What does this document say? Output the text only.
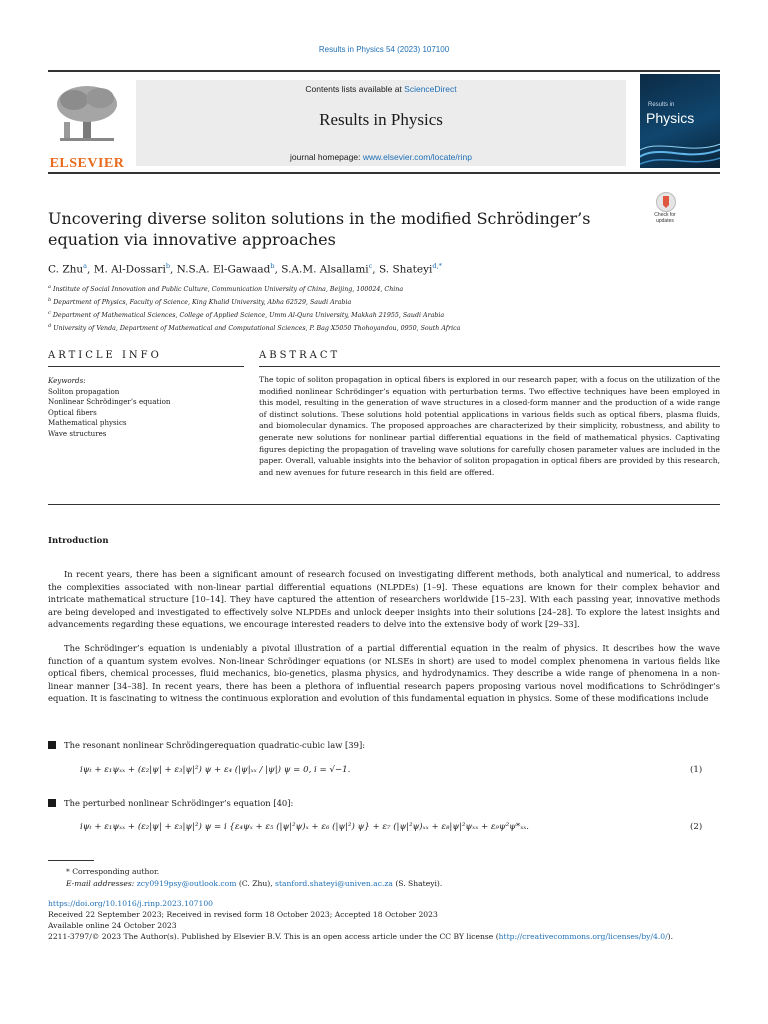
Results in Physics 54 (2023) 107100
ELSEVIER
Contents lists available at ScienceDirect
Results in Physics
journal homepage: www.elsevier.com/locate/rinp
Results in
Physics
Uncovering diverse soliton solutions in the modified Schrödinger’s equation via innovative approaches
Check for updates
C. Zhu$^a$, M. Al-Dossari$^b$, N.S.A. El-Gawaad$^b$, S.A.M. Alsallami$^c$, S. Shateyi$^{d,*}$
$^a$ Institute of Social Innovation and Public Culture, Communication University of China, Beijing, 100024, China
$^b$ Department of Physics, Faculty of Science, King Khalid University, Abha 62529, Saudi Arabia
$^c$ Department of Mathematical Sciences, College of Applied Science, Umm Al-Qura University, Makkah 21955, Saudi Arabia
$^d$ University of Venda, Department of Mathematical and Computational Sciences, P. Bag X5050 Thohoyandou, 0950, South Africa
ARTICLE INFO	ABSTRACT
Keywords:
Soliton propagation
Nonlinear Schrödinger’s equation
Optical fibers
Mathematical physics
Wave structures
The topic of soliton propagation in optical fibers is explored in our research paper, with a focus on the utilization of the modified nonlinear Schrödinger’s equation with perturbation terms. Two effective techniques have been employed in this model, resulting in the generation of wave structures in a closed-form manner and the production of a wide range of distinct solutions. These solutions hold potential applications in various fields such as optical fibers, plasma fluids, and biomolecular dynamics. The proposed approaches are characterized by their simplicity, robustness, and ability to generate new solutions for nonlinear partial differential equations in the field of mathematical physics. Captivating figures depicting the propagation of traveling wave solutions for carefully chosen parameter values are included in the paper. Overall, valuable insights into the behavior of soliton propagation in optical fibers are provided by this research, and new avenues for future research in this field are offered.
Introduction
In recent years, there has been a significant amount of research focused on investigating different methods, both analytical and numerical, to address the complexities associated with non-linear partial differential equations (NLPDEs) [1–9]. These equations are known for their complex behavior and intricate mathematical structure [10–14]. They have captured the attention of researchers worldwide [15–23]. With each passing year, innovative methods are being developed and investigated to effectively solve NLPDEs and unlock deeper insights into their solutions [24–28]. To explore the latest insights and advancements regarding these equations, we encourage interested readers to delve into the extensive body of work [29–33].
The Schrödinger’s equation is undeniably a pivotal illustration of a partial differential equation in the realm of physics. It describes how the wave function of a quantum system evolves. Non-linear Schrödinger equations (or NLSEs in short) are used to model complex phenomena in various fields like optical fibers, chemical processes, fluid mechanics, bio-genetics, plasma physics, and hydrodynamics. They describe a wide range of phenomena in a non-linear manner [34–38]. In recent years, there has been a plethora of influential research papers proposing various novel modifications to Schrödinger’s equation. It is fascinating to witness the continuous exploration and evolution of this fundamental equation in physics. Some of these modifications include
The resonant nonlinear Schrödingerequation quadratic-cubic law [39]:
iψₜ + ε₁ψₓₓ + (ε₂|ψ| + ε₃|ψ|²) ψ + ε₄ (|ψ|ₓₓ / |ψ|) ψ = 0, i = √−1.	(1)
The perturbed nonlinear Schrödinger’s equation [40]:
iψₜ + ε₁ψₓₓ + (ε₂|ψ| + ε₃|ψ|²) ψ = i {ε₄ψₓ + ε₅ (|ψ|²ψ)ₓ + ε₆ (|ψ|²) ψ} + ε₇ (|ψ|²ψ)ₓₓ + ε₈|ψ|²ψₓₓ + ε₉ψ²ψ*ₓₓ.	(2)
* Corresponding author.
E-mail addresses: zcy0919psy@outlook.com (C. Zhu), stanford.shateyi@univen.ac.za (S. Shateyi).
https://doi.org/10.1016/j.rinp.2023.107100
Received 22 September 2023; Received in revised form 18 October 2023; Accepted 18 October 2023
Available online 24 October 2023
2211-3797/© 2023 The Author(s). Published by Elsevier B.V. This is an open access article under the CC BY license (http://creativecommons.org/licenses/by/4.0/).
